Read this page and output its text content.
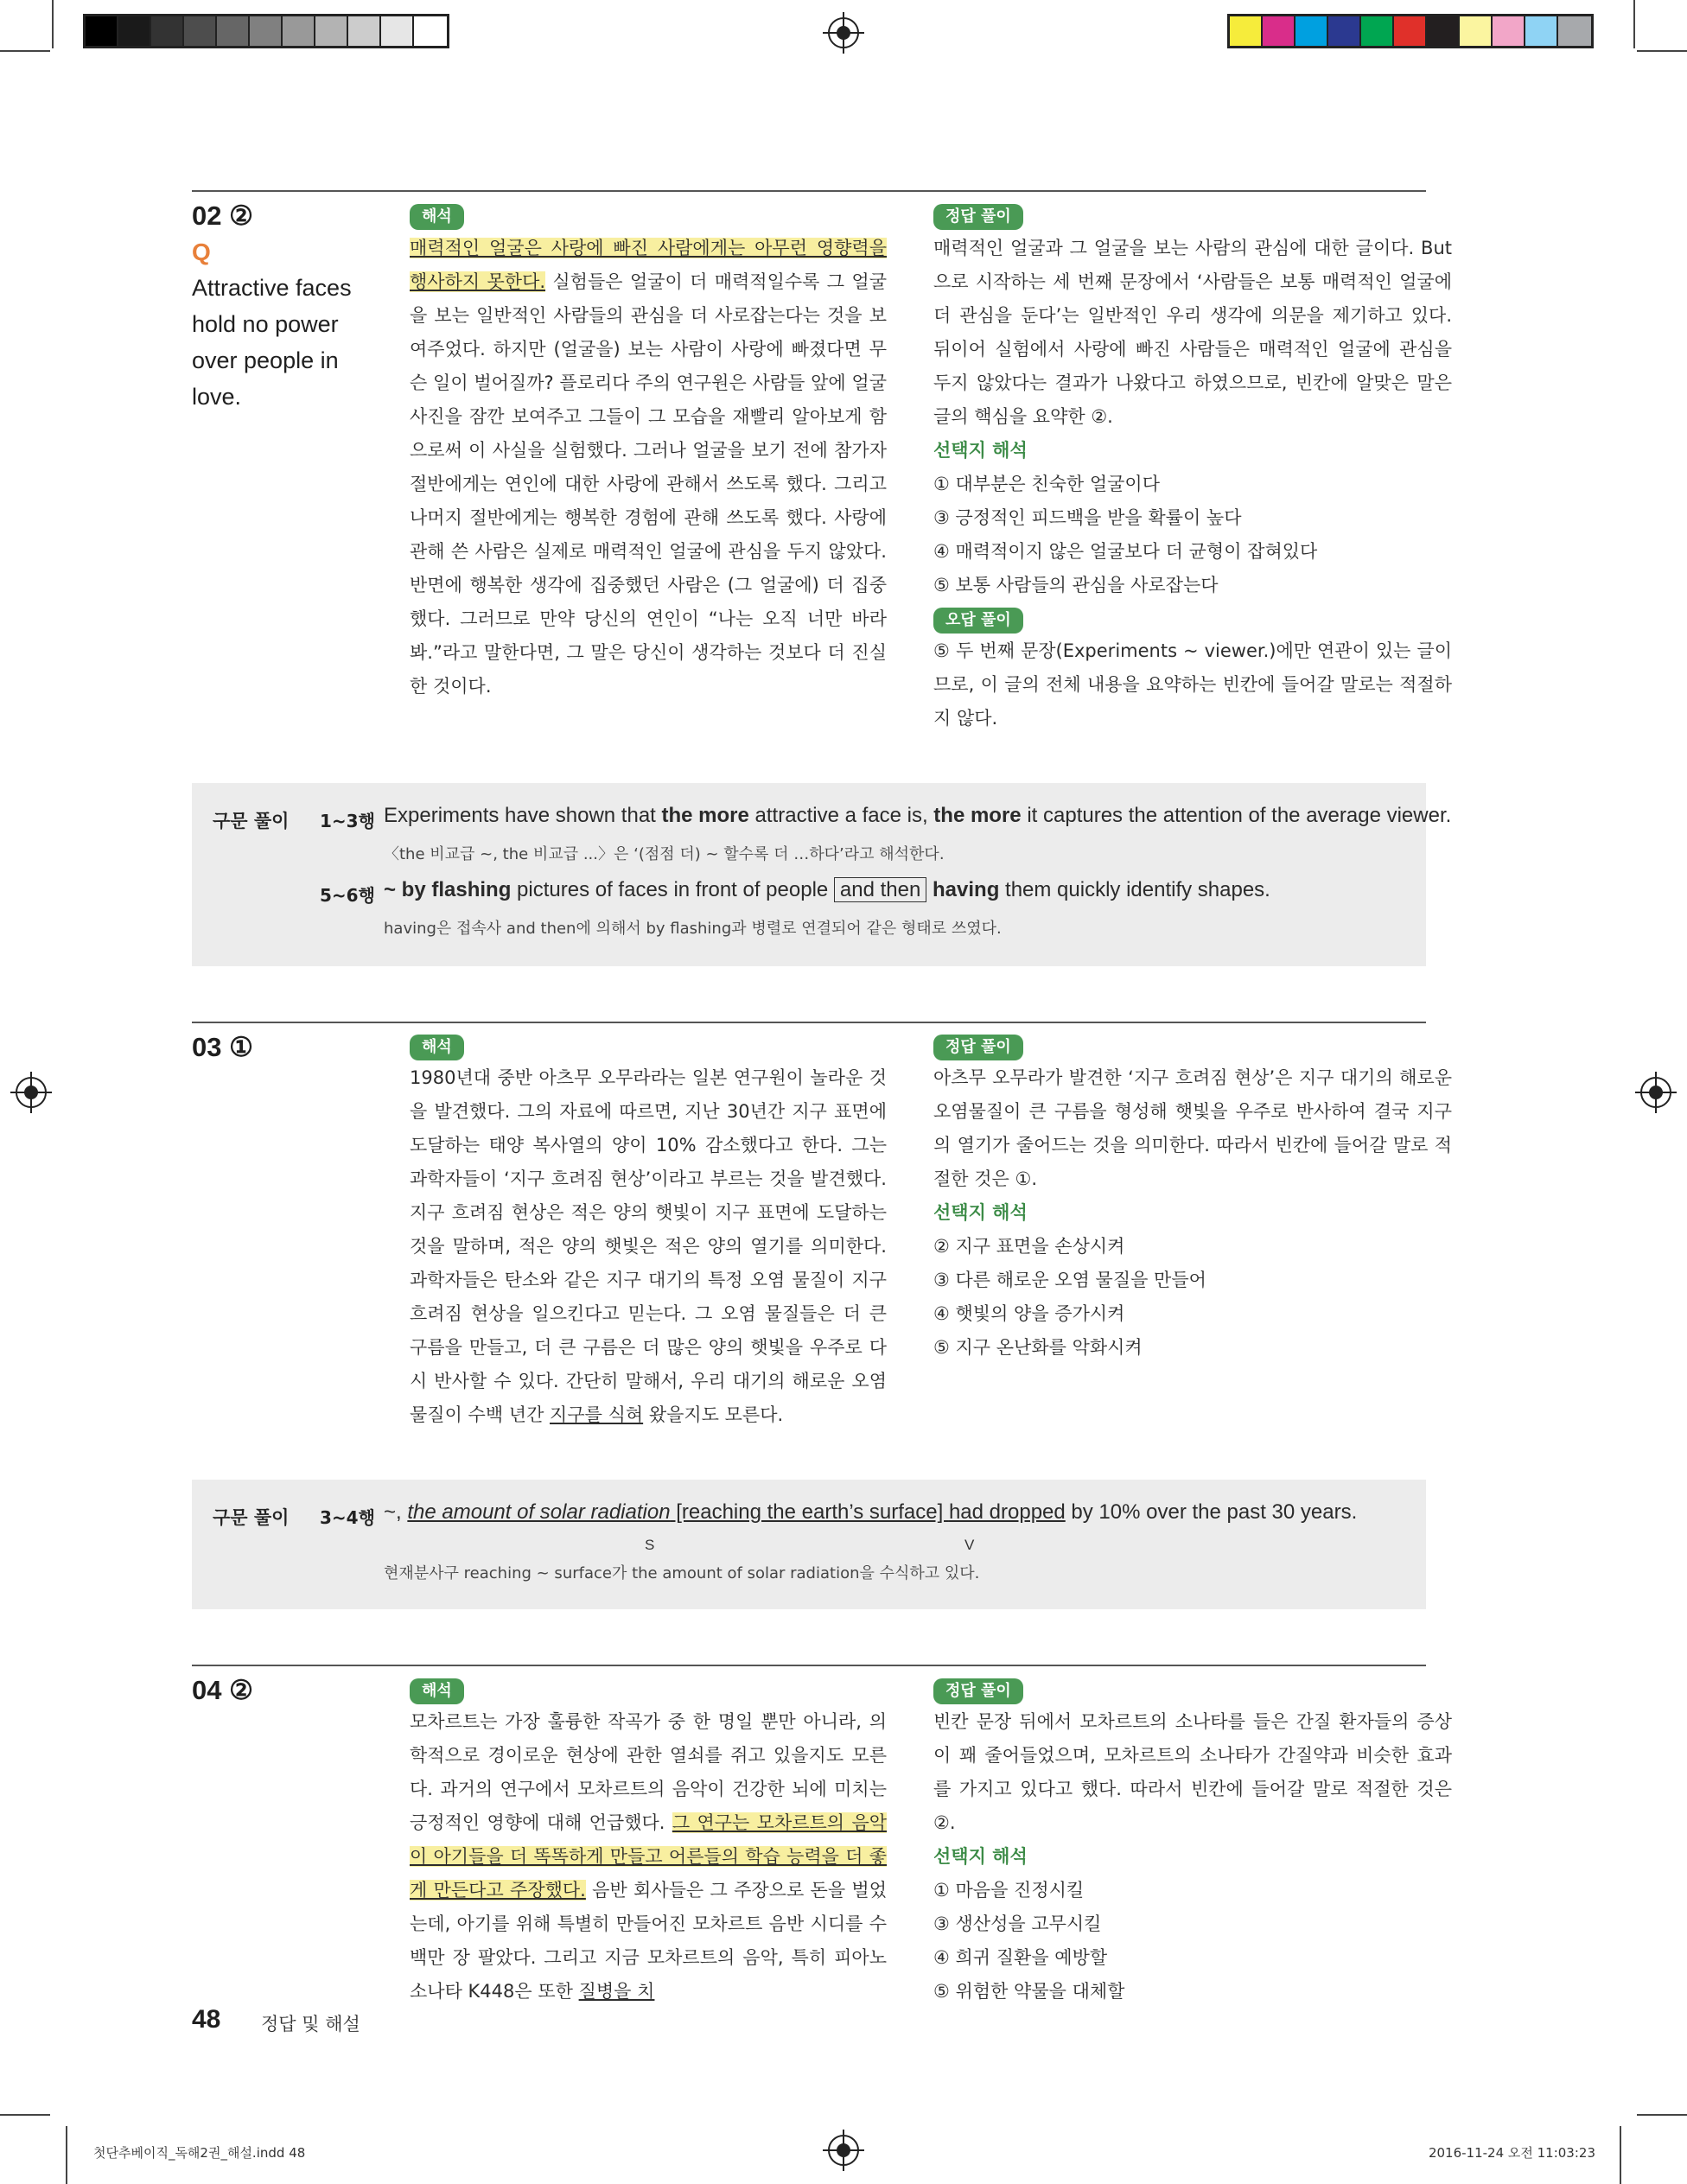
02 ②
Q
Attractive faces hold no power over people in love.
해석
매력적인 얼굴은 사랑에 빠진 사람에게는 아무런 영향력을 행사하지 못한다. 실험들은 얼굴이 더 매력적일수록 그 얼굴을 보는 일반적인 사람들의 관심을 더 사로잡는다는 것을 보여주었다. 하지만 (얼굴을) 보는 사람이 사랑에 빠졌다면 무슨 일이 벌어질까? 플로리다 주의 연구원은 사람들 앞에 얼굴 사진을 잠깐 보여주고 그들이 그 모습을 재빨리 알아보게 함으로써 이 사실을 실험했다. 그러나 얼굴을 보기 전에 참가자 절반에게는 연인에 대한 사랑에 관해서 쓰도록 했다. 그리고 나머지 절반에게는 행복한 경험에 관해 쓰도록 했다. 사랑에 관해 쓴 사람은 실제로 매력적인 얼굴에 관심을 두지 않았다. 반면에 행복한 생각에 집중했던 사람은 (그 얼굴에) 더 집중했다. 그러므로 만약 당신의 연인이 “나는 오직 너만 바라봐.”라고 말한다면, 그 말은 당신이 생각하는 것보다 더 진실한 것이다.
정답 풀이
매력적인 얼굴과 그 얼굴을 보는 사람의 관심에 대한 글이다. But으로 시작하는 세 번째 문장에서 ‘사람들은 보통 매력적인 얼굴에 더 관심을 둔다’는 일반적인 우리 생각에 의문을 제기하고 있다. 뒤이어 실험에서 사랑에 빠진 사람들은 매력적인 얼굴에 관심을 두지 않았다는 결과가 나왔다고 하였으므로, 빈칸에 알맞은 말은 글의 핵심을 요약한 ②.
선택지 해석
① 대부분은 친숙한 얼굴이다
③ 긍정적인 피드백을 받을 확률이 높다
④ 매력적이지 않은 얼굴보다 더 균형이 잡혀있다
⑤ 보통 사람들의 관심을 사로잡는다
오답 풀이
⑤ 두 번째 문장(Experiments ~ viewer.)에만 연관이 있는 글이므로, 이 글의 전체 내용을 요약하는 빈칸에 들어갈 말로는 적절하지 않다.
구문 풀이 1~3행 Experiments have shown that the more attractive a face is, the more it captures the attention of the average viewer.
〈the 비교급 ~, the 비교급 ...〉은 ‘(점점 더) ~ 할수록 더 …하다’라고 해석한다.
5~6행 ~ by flashing pictures of faces in front of people and then having them quickly identify shapes.
having은 접속사 and then에 의해서 by flashing과 병렬로 연결되어 같은 형태로 쓰였다.
03 ①	해석
1980년대 중반 아츠무 오무라라는 일본 연구원이 놀라운 것을 발견했다. 그의 자료에 따르면, 지난 30년간 지구 표면에 도달하는 태양 복사열의 양이 10% 감소했다고 한다. 그는 과학자들이 ‘지구 흐려짐 현상’이라고 부르는 것을 발견했다. 지구 흐려짐 현상은 적은 양의 햇빛이 지구 표면에 도달하는 것을 말하며, 적은 양의 햇빛은 적은 양의 열기를 의미한다. 과학자들은 탄소와 같은 지구 대기의 특정 오염 물질이 지구 흐려짐 현상을 일으킨다고 믿는다. 그 오염 물질들은 더 큰 구름을 만들고, 더 큰 구름은 더 많은 양의 햇빛을 우주로 다시 반사할 수 있다. 간단히 말해서, 우리 대기의 해로운 오염 물질이 수백 년간 지구를 식혀 왔을지도 모른다.
정답 풀이
아츠무 오무라가 발견한 ‘지구 흐려짐 현상’은 지구 대기의 해로운 오염물질이 큰 구름을 형성해 햇빛을 우주로 반사하여 결국 지구의 열기가 줄어드는 것을 의미한다. 따라서 빈칸에 들어갈 말로 적절한 것은 ①.
선택지 해석
② 지구 표면을 손상시켜
③ 다른 해로운 오염 물질을 만들어
④ 햇빛의 양을 증가시켜
⑤ 지구 온난화를 악화시켜
구문 풀이 3~4행 ~, the amount of solar radiation [reaching the earth’s surface] had dropped by 10% over the past 30 years.
S	V
현재분사구 reaching ~ surface가 the amount of solar radiation을 수식하고 있다.
04 ②	해석
모차르트는 가장 훌륭한 작곡가 중 한 명일 뿐만 아니라, 의학적으로 경이로운 현상에 관한 열쇠를 쥐고 있을지도 모른다. 과거의 연구에서 모차르트의 음악이 건강한 뇌에 미치는 긍정적인 영향에 대해 언급했다. 그 연구는 모차르트의 음악이 아기들을 더 똑똑하게 만들고 어른들의 학습 능력을 더 좋게 만든다고 주장했다. 음반 회사들은 그 주장으로 돈을 벌었는데, 아기를 위해 특별히 만들어진 모차르트 음반 시디를 수백만 장 팔았다. 그리고 지금 모차르트의 음악, 특히 피아노 소나타 K448은 또한 질병을 치
정답 풀이
빈칸 문장 뒤에서 모차르트의 소나타를 들은 간질 환자들의 증상이 꽤 줄어들었으며, 모차르트의 소나타가 간질약과 비슷한 효과를 가지고 있다고 했다. 따라서 빈칸에 들어갈 말로 적절한 것은 ②.
선택지 해석
① 마음을 진정시킬
③ 생산성을 고무시킬
④ 희귀 질환을 예방할
⑤ 위험한 약물을 대체할
48 정답 및 해설
첫단추베이직_독해2권_해설.indd 48	2016-11-24 오전 11:03:23
